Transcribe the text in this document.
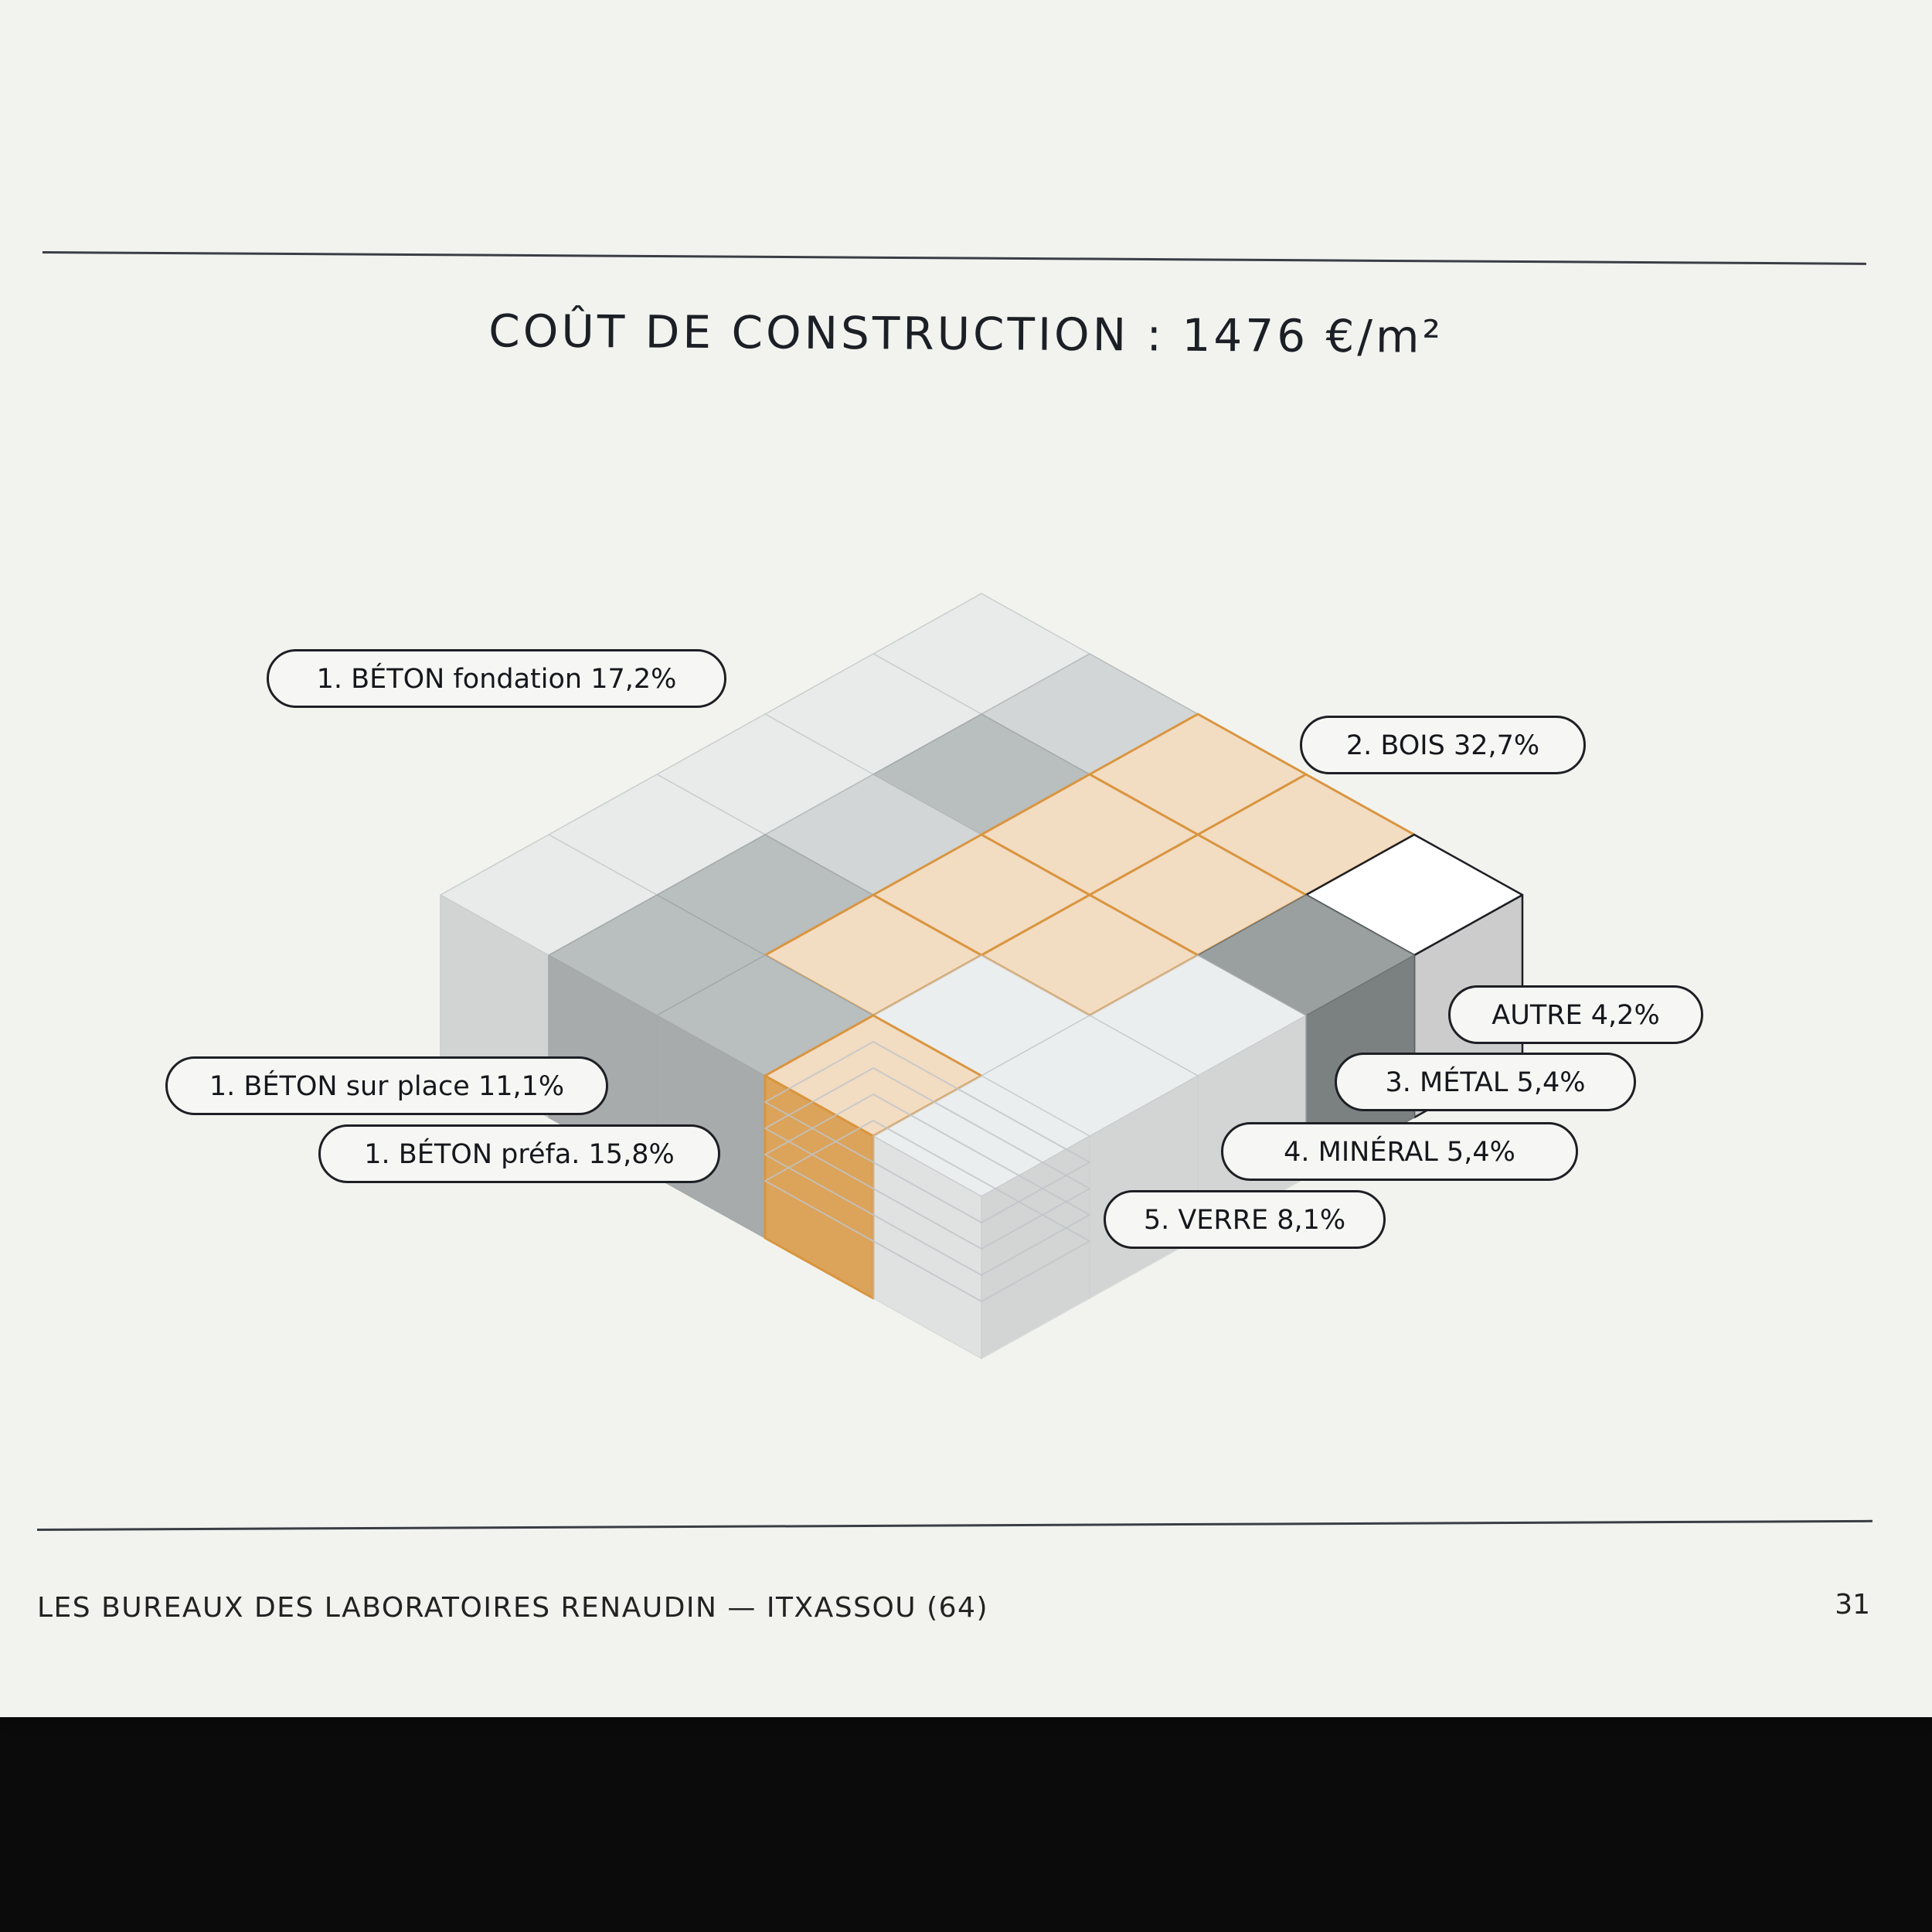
COÛT DE CONSTRUCTION : 1476 €/m²
1. BÉTON fondation 17,2%
2. BOIS 32,7%
AUTRE 4,2%
3. MÉTAL 5,4%
1. BÉTON sur place 11,1%
1. BÉTON préfa. 15,8%	4. MINÉRAL 5,4%
5. VERRE 8,1%
LES BUREAUX DES LABORATOIRES RENAUDIN — ITXASSOU (64)	31
